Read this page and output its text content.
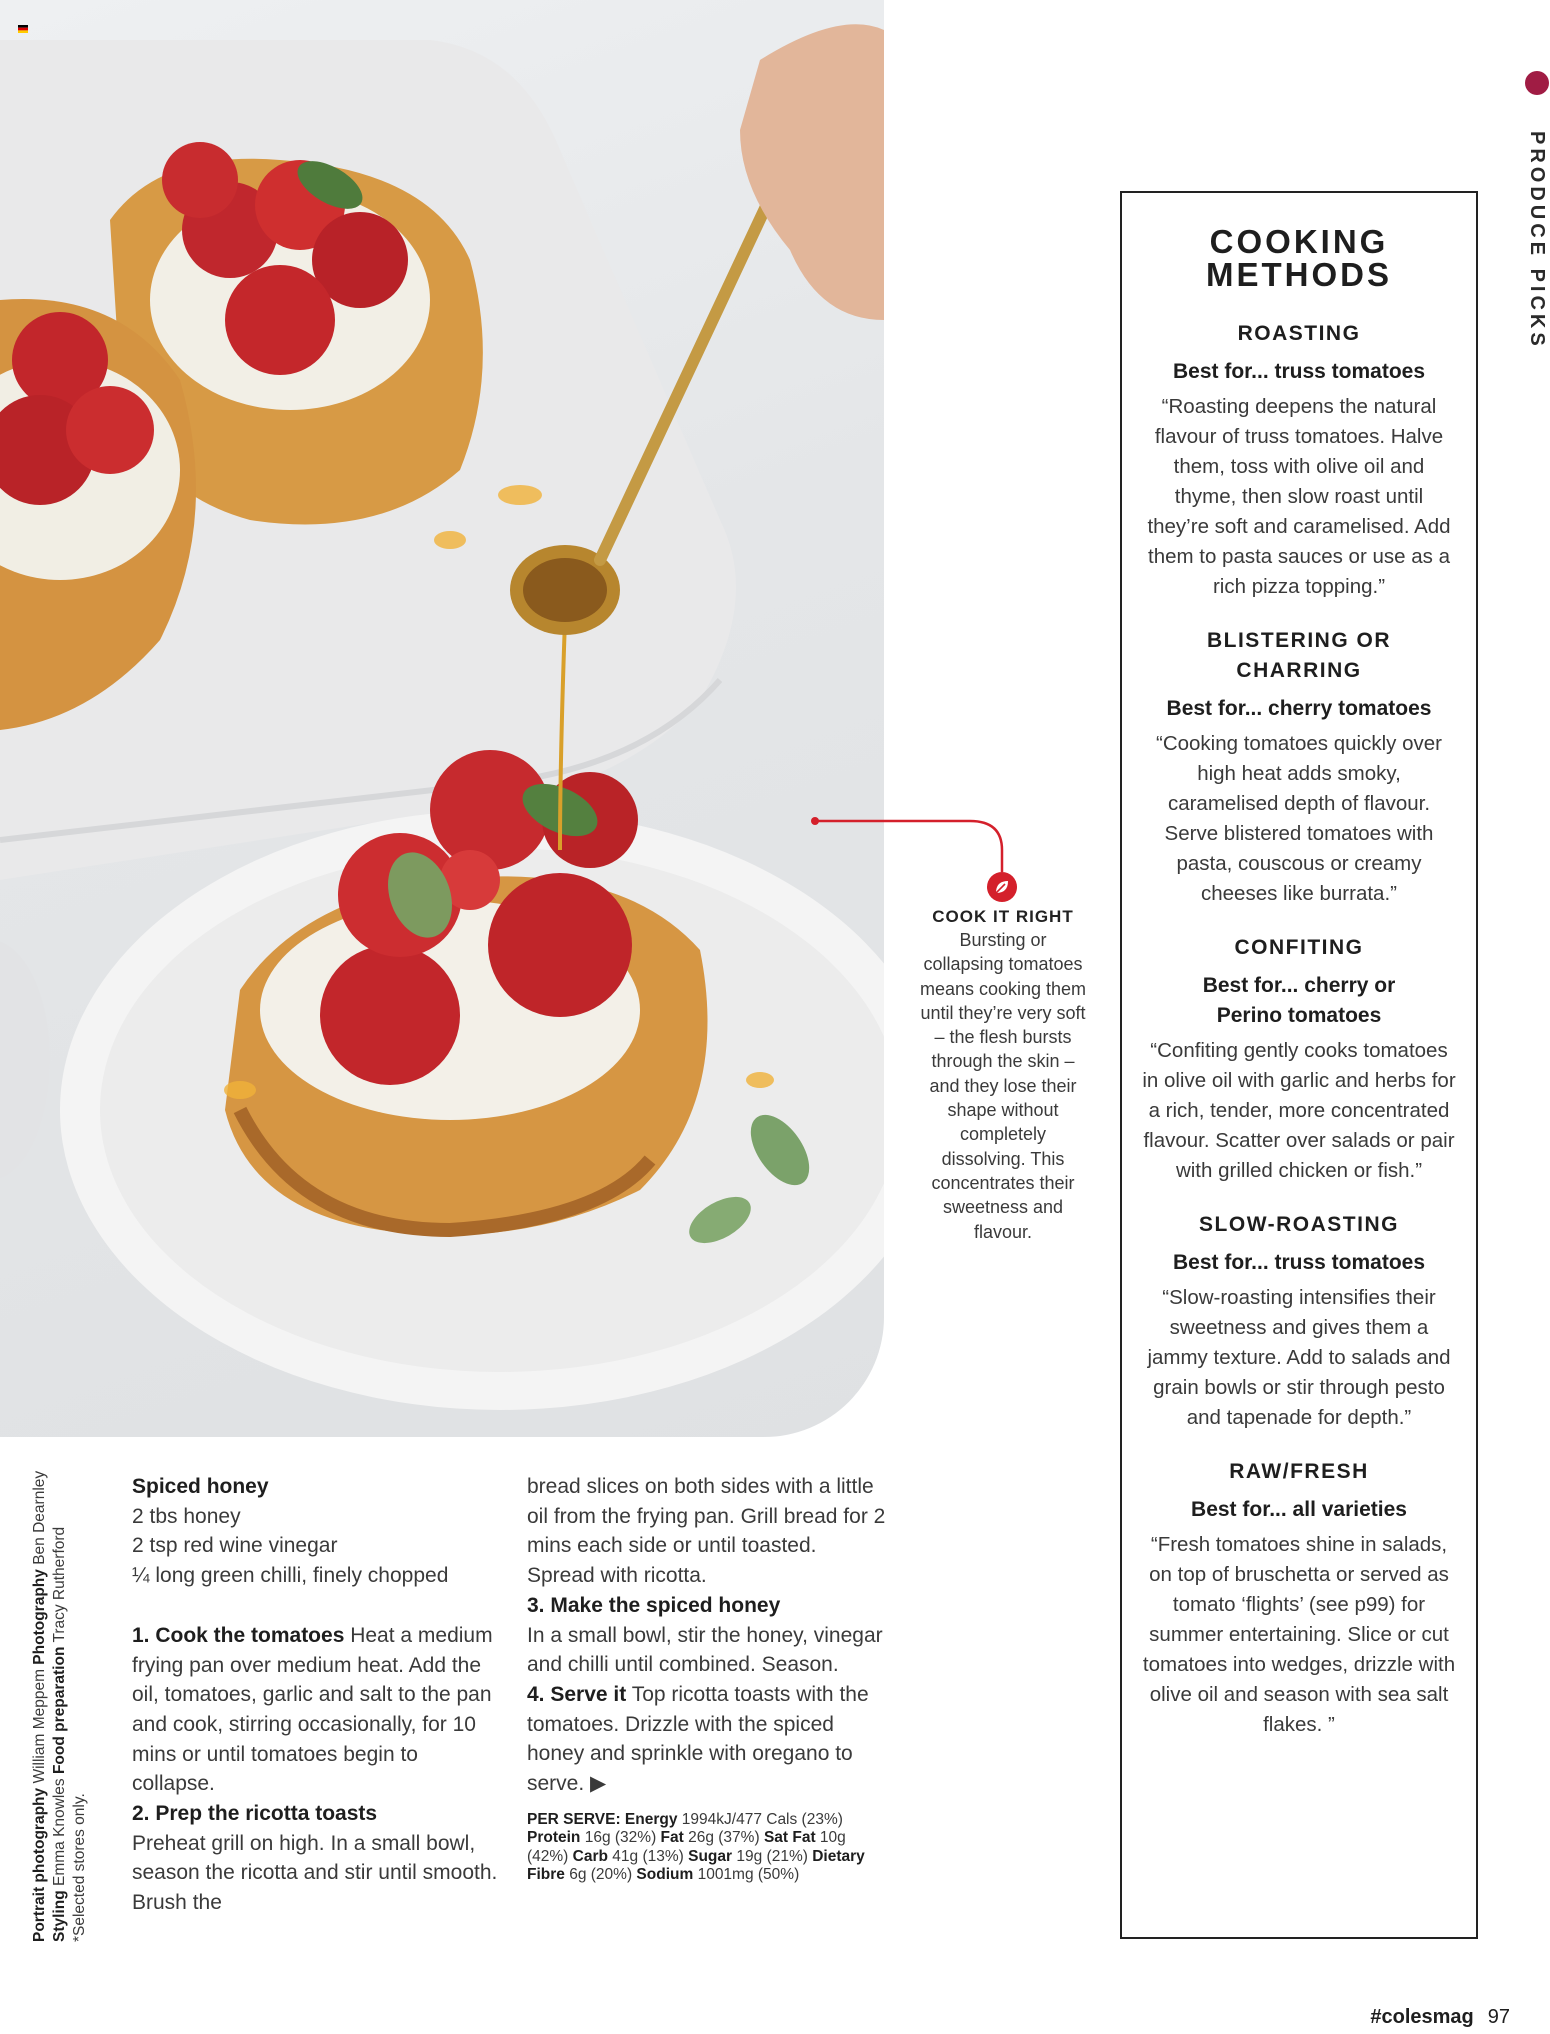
PRODUCE PICKS
COOK IT RIGHT
Bursting or collapsing tomatoes means cooking them until they’re very soft – the flesh bursts through the skin – and they lose their shape without completely dissolving. This concentrates their sweetness and flavour.
COOKING
METHODS
ROASTING
Best for... truss tomatoes
“Roasting deepens the natural flavour of truss tomatoes. Halve them, toss with olive oil and thyme, then slow roast until they’re soft and caramelised. Add them to pasta sauces or use as a rich pizza topping.”
BLISTERING OR CHARRING
Best for... cherry tomatoes
“Cooking tomatoes quickly over high heat adds smoky, caramelised depth of flavour. Serve blistered tomatoes with pasta, couscous or creamy cheeses like burrata.”
CONFITING
Best for... cherry or Perino tomatoes
“Confiting gently cooks tomatoes in olive oil with garlic and herbs for a rich, tender, more concentrated flavour. Scatter over salads or pair with grilled chicken or fish.”
SLOW-ROASTING
Best for... truss tomatoes
“Slow-roasting intensifies their sweetness and gives them a jammy texture. Add to salads and grain bowls or stir through pesto and tapenade for depth.”
RAW/FRESH
Best for... all varieties
“Fresh tomatoes shine in salads, on top of bruschetta or served as tomato ‘flights’ (see p99) for summer entertaining. Slice or cut tomatoes into wedges, drizzle with olive oil and season with sea salt flakes. ”
Portrait photography William Meppem Photography Ben Dearnley
Styling Emma Knowles Food preparation Tracy Rutherford
*Selected stores only.
Spiced honey
2 tbs honey
2 tsp red wine vinegar
¼ long green chilli, finely chopped
1. Cook the tomatoes Heat a medium frying pan over medium heat. Add the oil, tomatoes, garlic and salt to the pan and cook, stirring occasionally, for 10 mins or until tomatoes begin to collapse.
2. Prep the ricotta toasts
Preheat grill on high. In a small bowl, season the ricotta and stir until smooth. Brush the
bread slices on both sides with a little oil from the frying pan. Grill bread for 2 mins each side or until toasted. Spread with ricotta.
3. Make the spiced honey
In a small bowl, stir the honey, vinegar and chilli until combined. Season.
4. Serve it Top ricotta toasts with the tomatoes. Drizzle with the spiced honey and sprinkle with oregano to serve. ▶
PER SERVE: Energy 1994kJ/477 Cals (23%) Protein 16g (32%) Fat 26g (37%) Sat Fat 10g (42%) Carb 41g (13%) Sugar 19g (21%) Dietary Fibre 6g (20%) Sodium 1001mg (50%)
#colesmag 97
